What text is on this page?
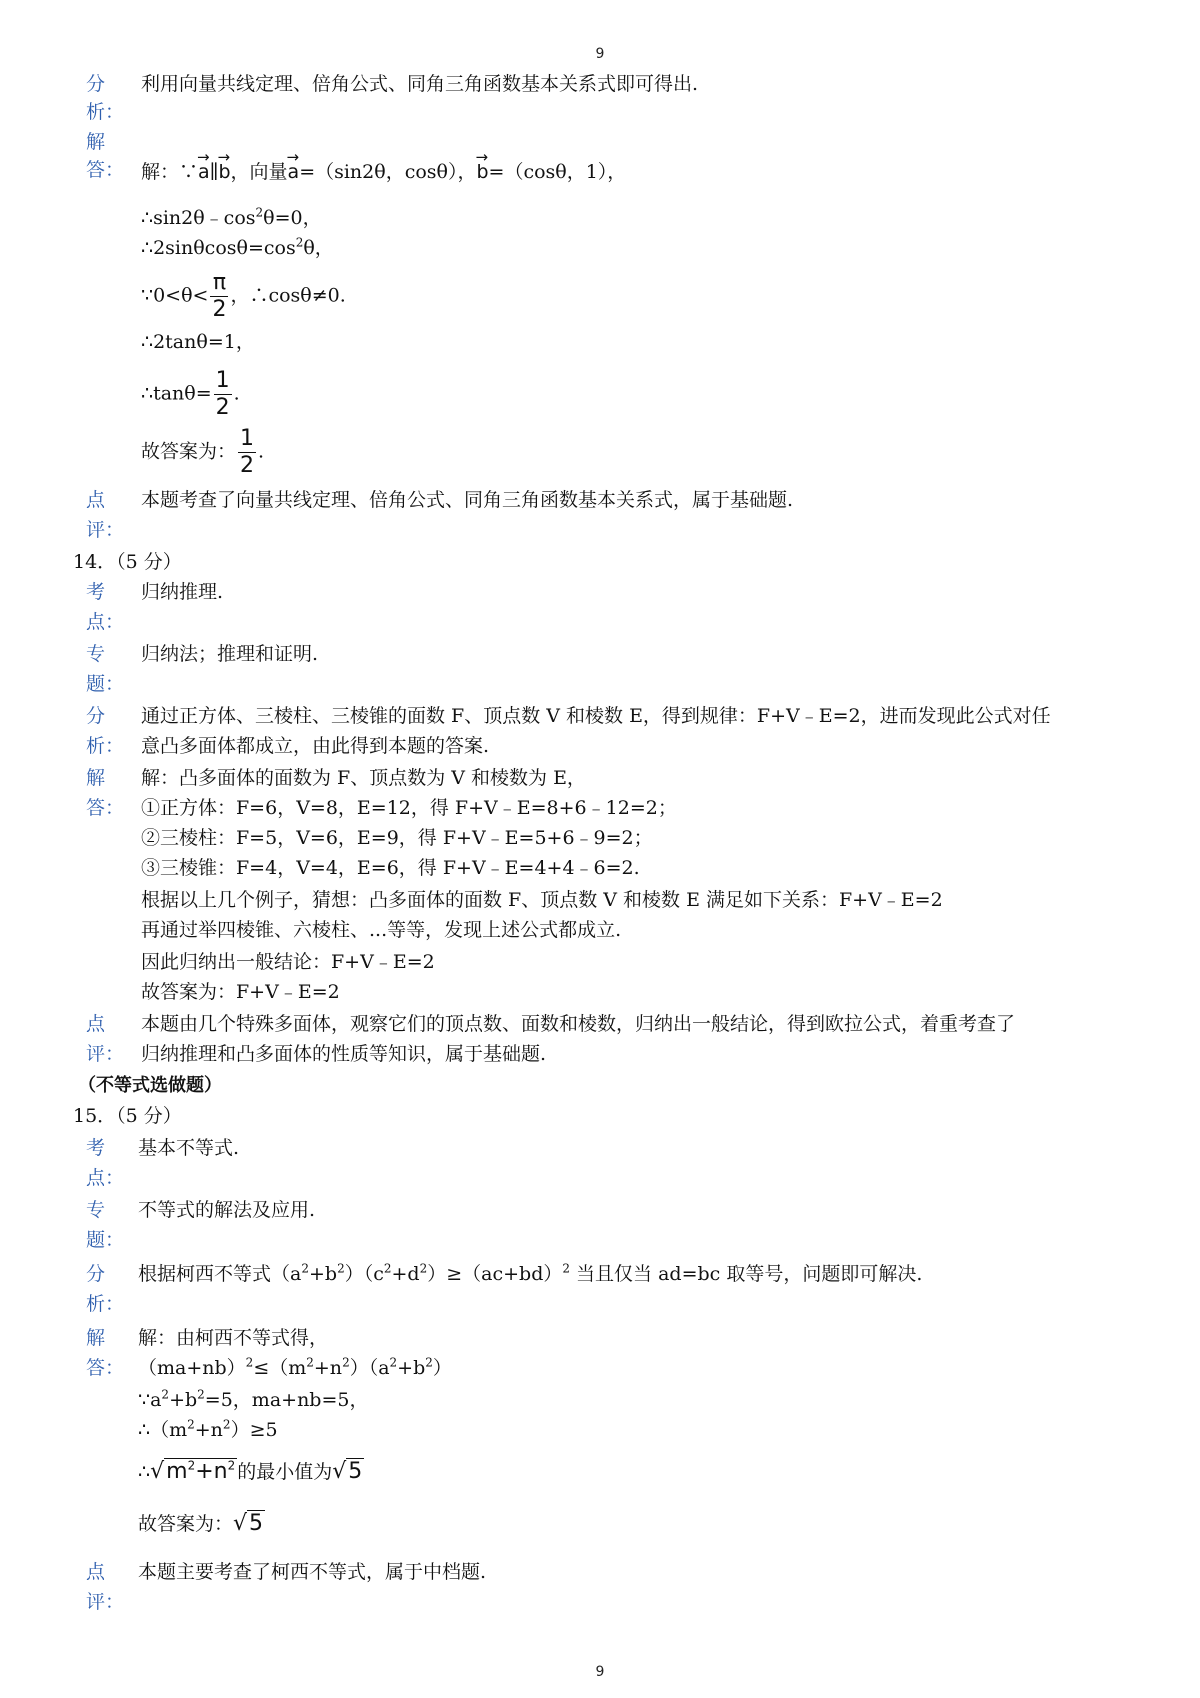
9
分
析：
利用向量共线定理、倍角公式、同角三角函数基本关系式即可得出.
解
答： 解：∵→ a∥→ b，向量→ a=（sin2θ，cosθ），→ b=（cosθ，1），
$\therefore\sin 2\theta﹣\cos^2\theta=0$，
$\therefore 2\sin\theta\cos\theta=\cos^2\theta$，
∵0<θ< $\frac{\pi}{2}$ ，∴cosθ≠0.
∴2tanθ=1，
∴tanθ= $\frac{1}{2}$ .
故答案为： $\frac{1}{2}$ .
点
评：
本题考查了向量共线定理、倍角公式、同角三角函数基本关系式，属于基础题.
14．（5 分）
考
点：
归纳推理.
专
题：
归纳法；推理和证明.
分
析：
通过正方体、三棱柱、三棱锥的面数 F、顶点数 V 和棱数 E，得到规律：F+V﹣E=2，进而发现此公式对任
意凸多面体都成立，由此得到本题的答案.
解
答：
解：凸多面体的面数为 F、顶点数为 V 和棱数为 E，
①正方体：F=6，V=8，E=12，得 F+V﹣E=8+6﹣12=2；
②三棱柱：F=5，V=6，E=9，得 F+V﹣E=5+6﹣9=2；
③三棱锥：F=4，V=4，E=6，得 F+V﹣E=4+4﹣6=2.
根据以上几个例子，猜想：凸多面体的面数 F、顶点数 V 和棱数 E 满足如下关系：F+V﹣E=2
再通过举四棱锥、六棱柱、...等等，发现上述公式都成立.
因此归纳出一般结论：F+V﹣E=2
故答案为：F+V﹣E=2
点
评：
本题由几个特殊多面体，观察它们的顶点数、面数和棱数，归纳出一般结论，得到欧拉公式，着重考查了
归纳推理和凸多面体的性质等知识，属于基础题.
（不等式选做题）
15．（5 分）
考
点：
基本不等式.
专
题：
不等式的解法及应用.
分
析：
根据柯西不等式$(a^2+b^2)(c^2+d^2)\ge(ac+bd)^2$ 当且仅当 ad=bc 取等号，问题即可解决.
解
答：
解：由柯西不等式得，
$(ma+nb)^2\le(m^2+n^2)(a^2+b^2)$
$\because a^2+b^2=5$，ma+nb=5，
$\therefore(m^2+n^2)\ge 5$
$\therefore√m^2+n^2$ 的最小值为√5
故答案为：√5
点
评：
本题主要考查了柯西不等式，属于中档题.
9
